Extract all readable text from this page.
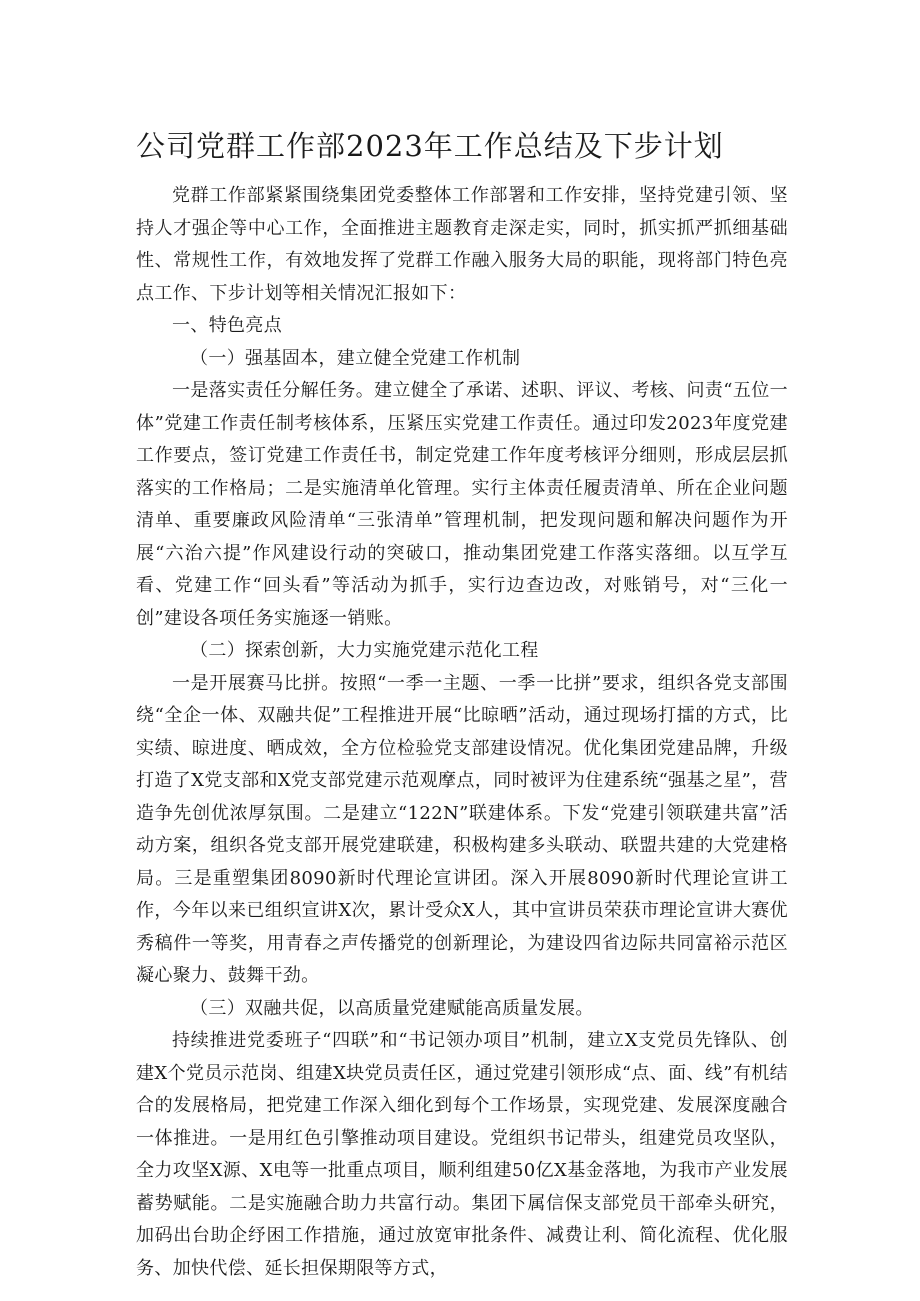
公司党群工作部2023年工作总结及下步计划

党群工作部紧紧围绕集团党委整体工作部署和工作安排，坚持党建引领、坚持人才强企等中心工作，全面推进主题教育走深走实，同时，抓实抓严抓细基础性、常规性工作，有效地发挥了党群工作融入服务大局的职能，现将部门特色亮点工作、下步计划等相关情况汇报如下：

一、特色亮点

（一）强基固本，建立健全党建工作机制

一是落实责任分解任务。建立健全了承诺、述职、评议、考核、问责“五位一体”党建工作责任制考核体系，压紧压实党建工作责任。通过印发2023年度党建工作要点，签订党建工作责任书，制定党建工作年度考核评分细则，形成层层抓落实的工作格局；二是实施清单化管理。实行主体责任履责清单、所在企业问题清单、重要廉政风险清单“三张清单”管理机制，把发现问题和解决问题作为开展“六治六提”作风建设行动的突破口，推动集团党建工作落实落细。以互学互看、党建工作“回头看”等活动为抓手，实行边查边改，对账销号，对“三化一创”建设各项任务实施逐一销账。

（二）探索创新，大力实施党建示范化工程

一是开展赛马比拼。按照“一季一主题、一季一比拼”要求，组织各党支部围绕“全企一体、双融共促”工程推进开展“比晾晒”活动，通过现场打擂的方式，比实绩、晾进度、晒成效，全方位检验党支部建设情况。优化集团党建品牌，升级打造了X党支部和X党支部党建示范观摩点，同时被评为住建系统“强基之星”，营造争先创优浓厚氛围。二是建立“122N”联建体系。下发“党建引领联建共富”活动方案，组织各党支部开展党建联建，积极构建多头联动、联盟共建的大党建格局。三是重塑集团8090新时代理论宣讲团。深入开展8090新时代理论宣讲工作，今年以来已组织宣讲X次，累计受众X人，其中宣讲员荣获市理论宣讲大赛优秀稿件一等奖，用青春之声传播党的创新理论，为建设四省边际共同富裕示范区凝心聚力、鼓舞干劲。

（三）双融共促，以高质量党建赋能高质量发展。

持续推进党委班子“四联”和“书记领办项目”机制，建立X支党员先锋队、创建X个党员示范岗、组建X块党员责任区，通过党建引领形成“点、面、线”有机结合的发展格局，把党建工作深入细化到每个工作场景，实现党建、发展深度融合一体推进。一是用红色引擎推动项目建设。党组织书记带头，组建党员攻坚队，全力攻坚X源、X电等一批重点项目，顺利组建50亿X基金落地，为我市产业发展蓄势赋能。二是实施融合助力共富行动。集团下属信保支部党员干部牵头研究，加码出台助企纾困工作措施，通过放宽审批条件、减费让利、简化流程、优化服务、加快代偿、延长担保期限等方式，
